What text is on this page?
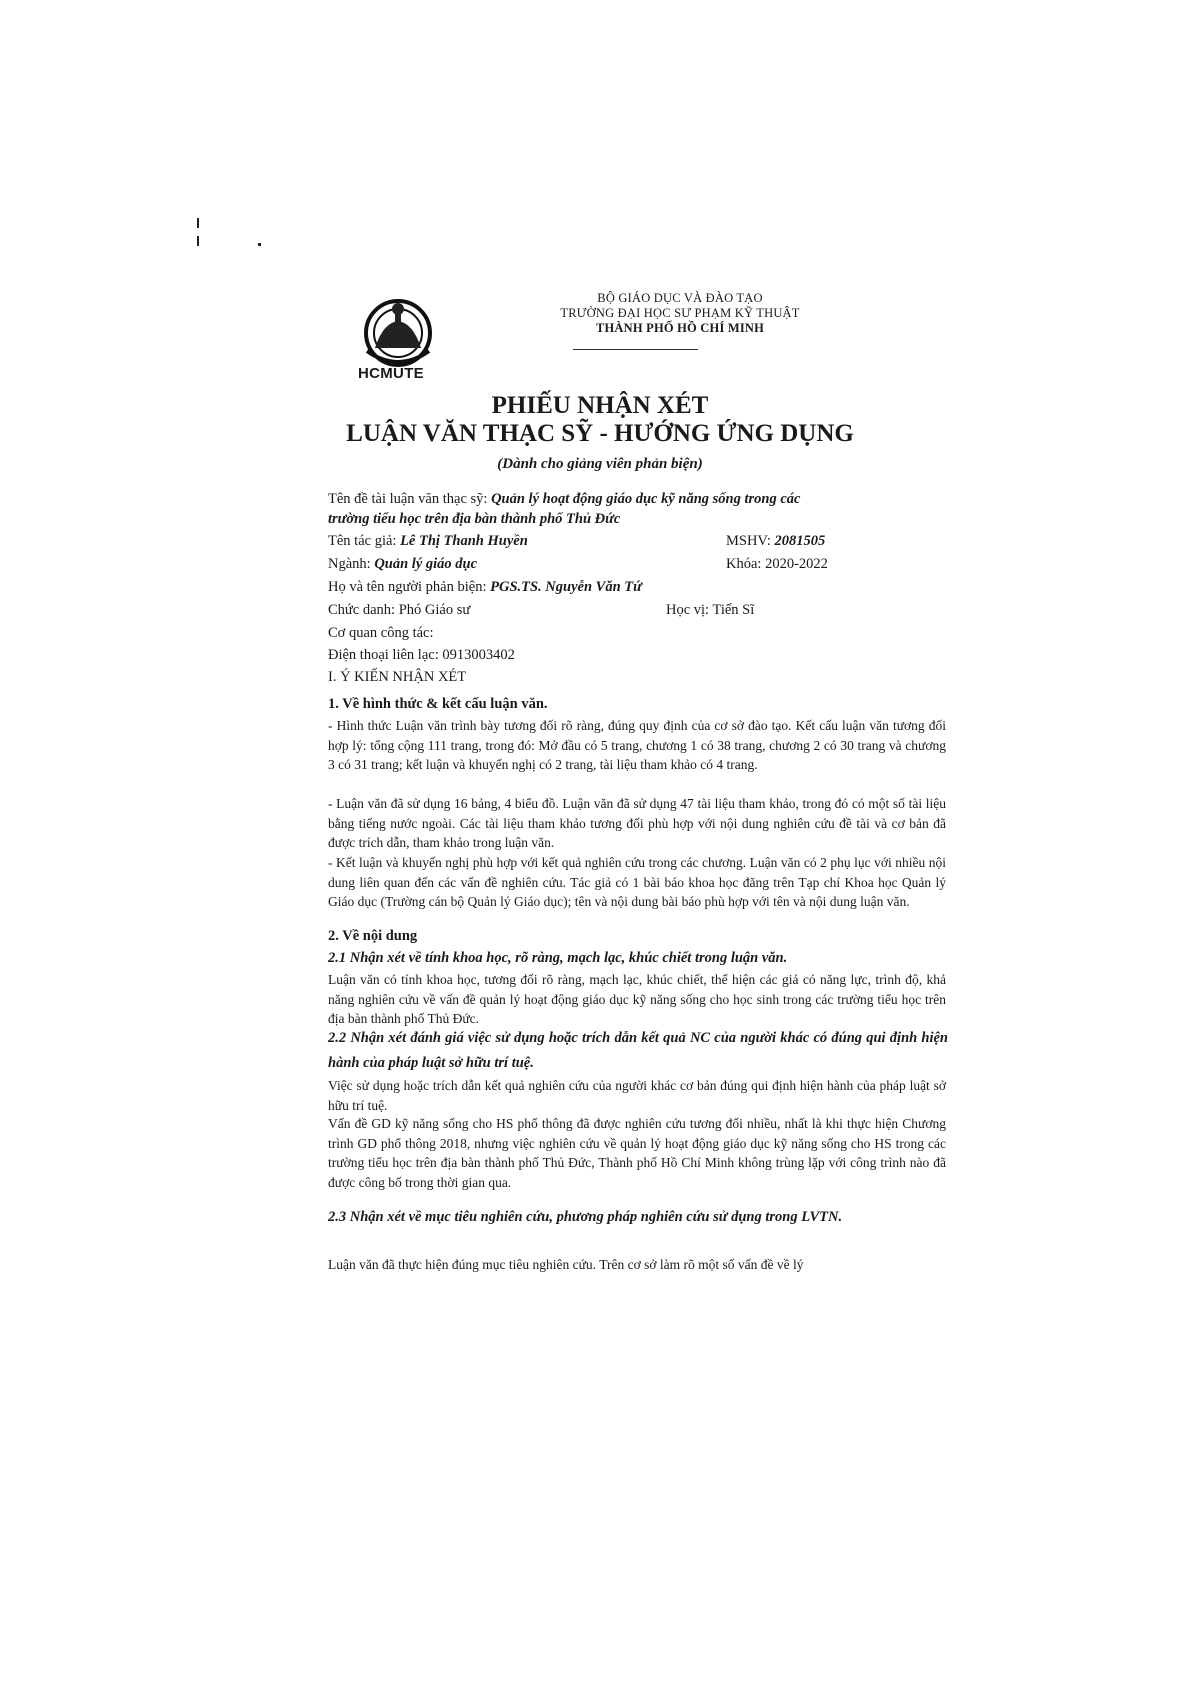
HCMUTE
BỘ GIÁO DỤC VÀ ĐÀO TẠO
TRƯỜNG ĐẠI HỌC SƯ PHẠM KỸ THUẬT
THÀNH PHỐ HỒ CHÍ MINH
PHIẾU NHẬN XÉT
LUẬN VĂN THẠC SỸ - HƯỚNG ỨNG DỤNG
(Dành cho giảng viên phản biện)
Tên đề tài luận văn thạc sỹ: Quản lý hoạt động giáo dục kỹ năng sống trong các
trường tiểu học trên địa bàn thành phố Thủ Đức
Tên tác giả: Lê Thị Thanh Huyền	MSHV: 2081505
Ngành: Quản lý giáo dục	Khóa: 2020-2022
Họ và tên người phản biện: PGS.TS. Nguyễn Văn Tứ
Chức danh: Phó Giáo sư	Học vị: Tiến Sĩ
Cơ quan công tác:
Điện thoại liên lạc: 0913003402
I. Ý KIẾN NHẬN XÉT
1. Về hình thức & kết cấu luận văn.
- Hình thức Luận văn trình bày tương đối rõ ràng, đúng quy định của cơ sở đào tạo. Kết cấu luận văn tương đối hợp lý: tổng cộng 111 trang, trong đó: Mở đầu có 5 trang, chương 1 có 38 trang, chương 2 có 30 trang và chương 3 có 31 trang; kết luận và khuyến nghị có 2 trang, tài liệu tham khảo có 4 trang.
- Luận văn đã sử dụng 16 bảng, 4 biểu đồ. Luận văn đã sử dụng 47 tài liệu tham khảo, trong đó có một số tài liệu bằng tiếng nước ngoài. Các tài liệu tham khảo tương đối phù hợp với nội dung nghiên cứu đề tài và cơ bản đã được trích dẫn, tham khảo trong luận văn.
- Kết luận và khuyến nghị phù hợp với kết quả nghiên cứu trong các chương. Luận văn có 2 phụ lục với nhiều nội dung liên quan đến các vấn đề nghiên cứu. Tác giả có 1 bài báo khoa học đăng trên Tạp chí Khoa học Quản lý Giáo dục (Trường cán bộ Quản lý Giáo dục); tên và nội dung bài báo phù hợp với tên và nội dung luận văn.
2. Về nội dung
2.1 Nhận xét về tính khoa học, rõ ràng, mạch lạc, khúc chiết trong luận văn.
Luận văn có tính khoa học, tương đối rõ ràng, mạch lạc, khúc chiết, thể hiện các giả có năng lực, trình độ, khả năng nghiên cứu về vấn đề quản lý hoạt động giáo dục kỹ năng sống cho học sinh trong các trường tiểu học trên địa bàn thành phố Thủ Đức.
2.2 Nhận xét đánh giá việc sử dụng hoặc trích dẫn kết quả NC của người khác có đúng qui định hiện hành của pháp luật sở hữu trí tuệ.
Việc sử dụng hoặc trích dẫn kết quả nghiên cứu của người khác cơ bản đúng qui định hiện hành của pháp luật sở hữu trí tuệ.
Vấn đề GD kỹ năng sống cho HS phổ thông đã được nghiên cứu tương đối nhiều, nhất là khi thực hiện Chương trình GD phổ thông 2018, nhưng việc nghiên cứu về quản lý hoạt động giáo dục kỹ năng sống cho HS trong các trường tiểu học trên địa bàn thành phố Thủ Đức, Thành phố Hồ Chí Minh không trùng lặp với công trình nào đã được công bố trong thời gian qua.
2.3 Nhận xét về mục tiêu nghiên cứu, phương pháp nghiên cứu sử dụng trong LVTN.
Luận văn đã thực hiện đúng mục tiêu nghiên cứu. Trên cơ sở làm rõ một số vấn đề về lý
